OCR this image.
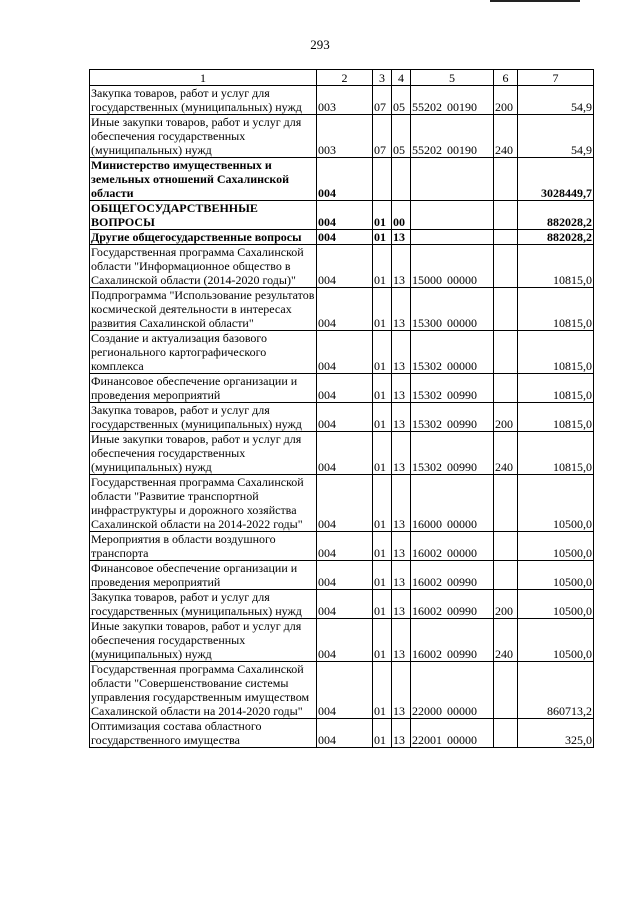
293
1	2	3	4	5	6	7
Закупка товаров, работ и услуг для государственных (муниципальных) нужд	003	07	05	55202 00190	200	54,9
Иные закупки товаров, работ и услуг для обеспечения государственных (муниципальных) нужд	003	07	05	55202 00190	240	54,9
Министерство имущественных и земельных отношений Сахалинской области	004					3028449,7
ОБЩЕГОСУДАРСТВЕННЫЕ ВОПРОСЫ	004	01	00			882028,2
Другие общегосударственные вопросы	004	01	13			882028,2
Государственная программа Сахалинской области "Информационное общество в Сахалинской области (2014-2020 годы)"	004	01	13	15000 00000		10815,0
Подпрограмма "Использование результатов космической деятельности в интересах развития Сахалинской области"	004	01	13	15300 00000		10815,0
Создание и актуализация базового регионального картографического комплекса	004	01	13	15302 00000		10815,0
Финансовое обеспечение организации и проведения мероприятий	004	01	13	15302 00990		10815,0
Закупка товаров, работ и услуг для государственных (муниципальных) нужд	004	01	13	15302 00990	200	10815,0
Иные закупки товаров, работ и услуг для обеспечения государственных (муниципальных) нужд	004	01	13	15302 00990	240	10815,0
Государственная программа Сахалинской области "Развитие транспортной инфраструктуры и дорожного хозяйства Сахалинской области на 2014-2022 годы"	004	01	13	16000 00000		10500,0
Мероприятия в области воздушного транспорта	004	01	13	16002 00000		10500,0
Финансовое обеспечение организации и проведения мероприятий	004	01	13	16002 00990		10500,0
Закупка товаров, работ и услуг для государственных (муниципальных) нужд	004	01	13	16002 00990	200	10500,0
Иные закупки товаров, работ и услуг для обеспечения государственных (муниципальных) нужд	004	01	13	16002 00990	240	10500,0
Государственная программа Сахалинской области "Совершенствование системы управления государственным имуществом Сахалинской области на 2014-2020 годы"	004	01	13	22000 00000		860713,2
Оптимизация состава областного государственного имущества	004	01	13	22001 00000		325,0
